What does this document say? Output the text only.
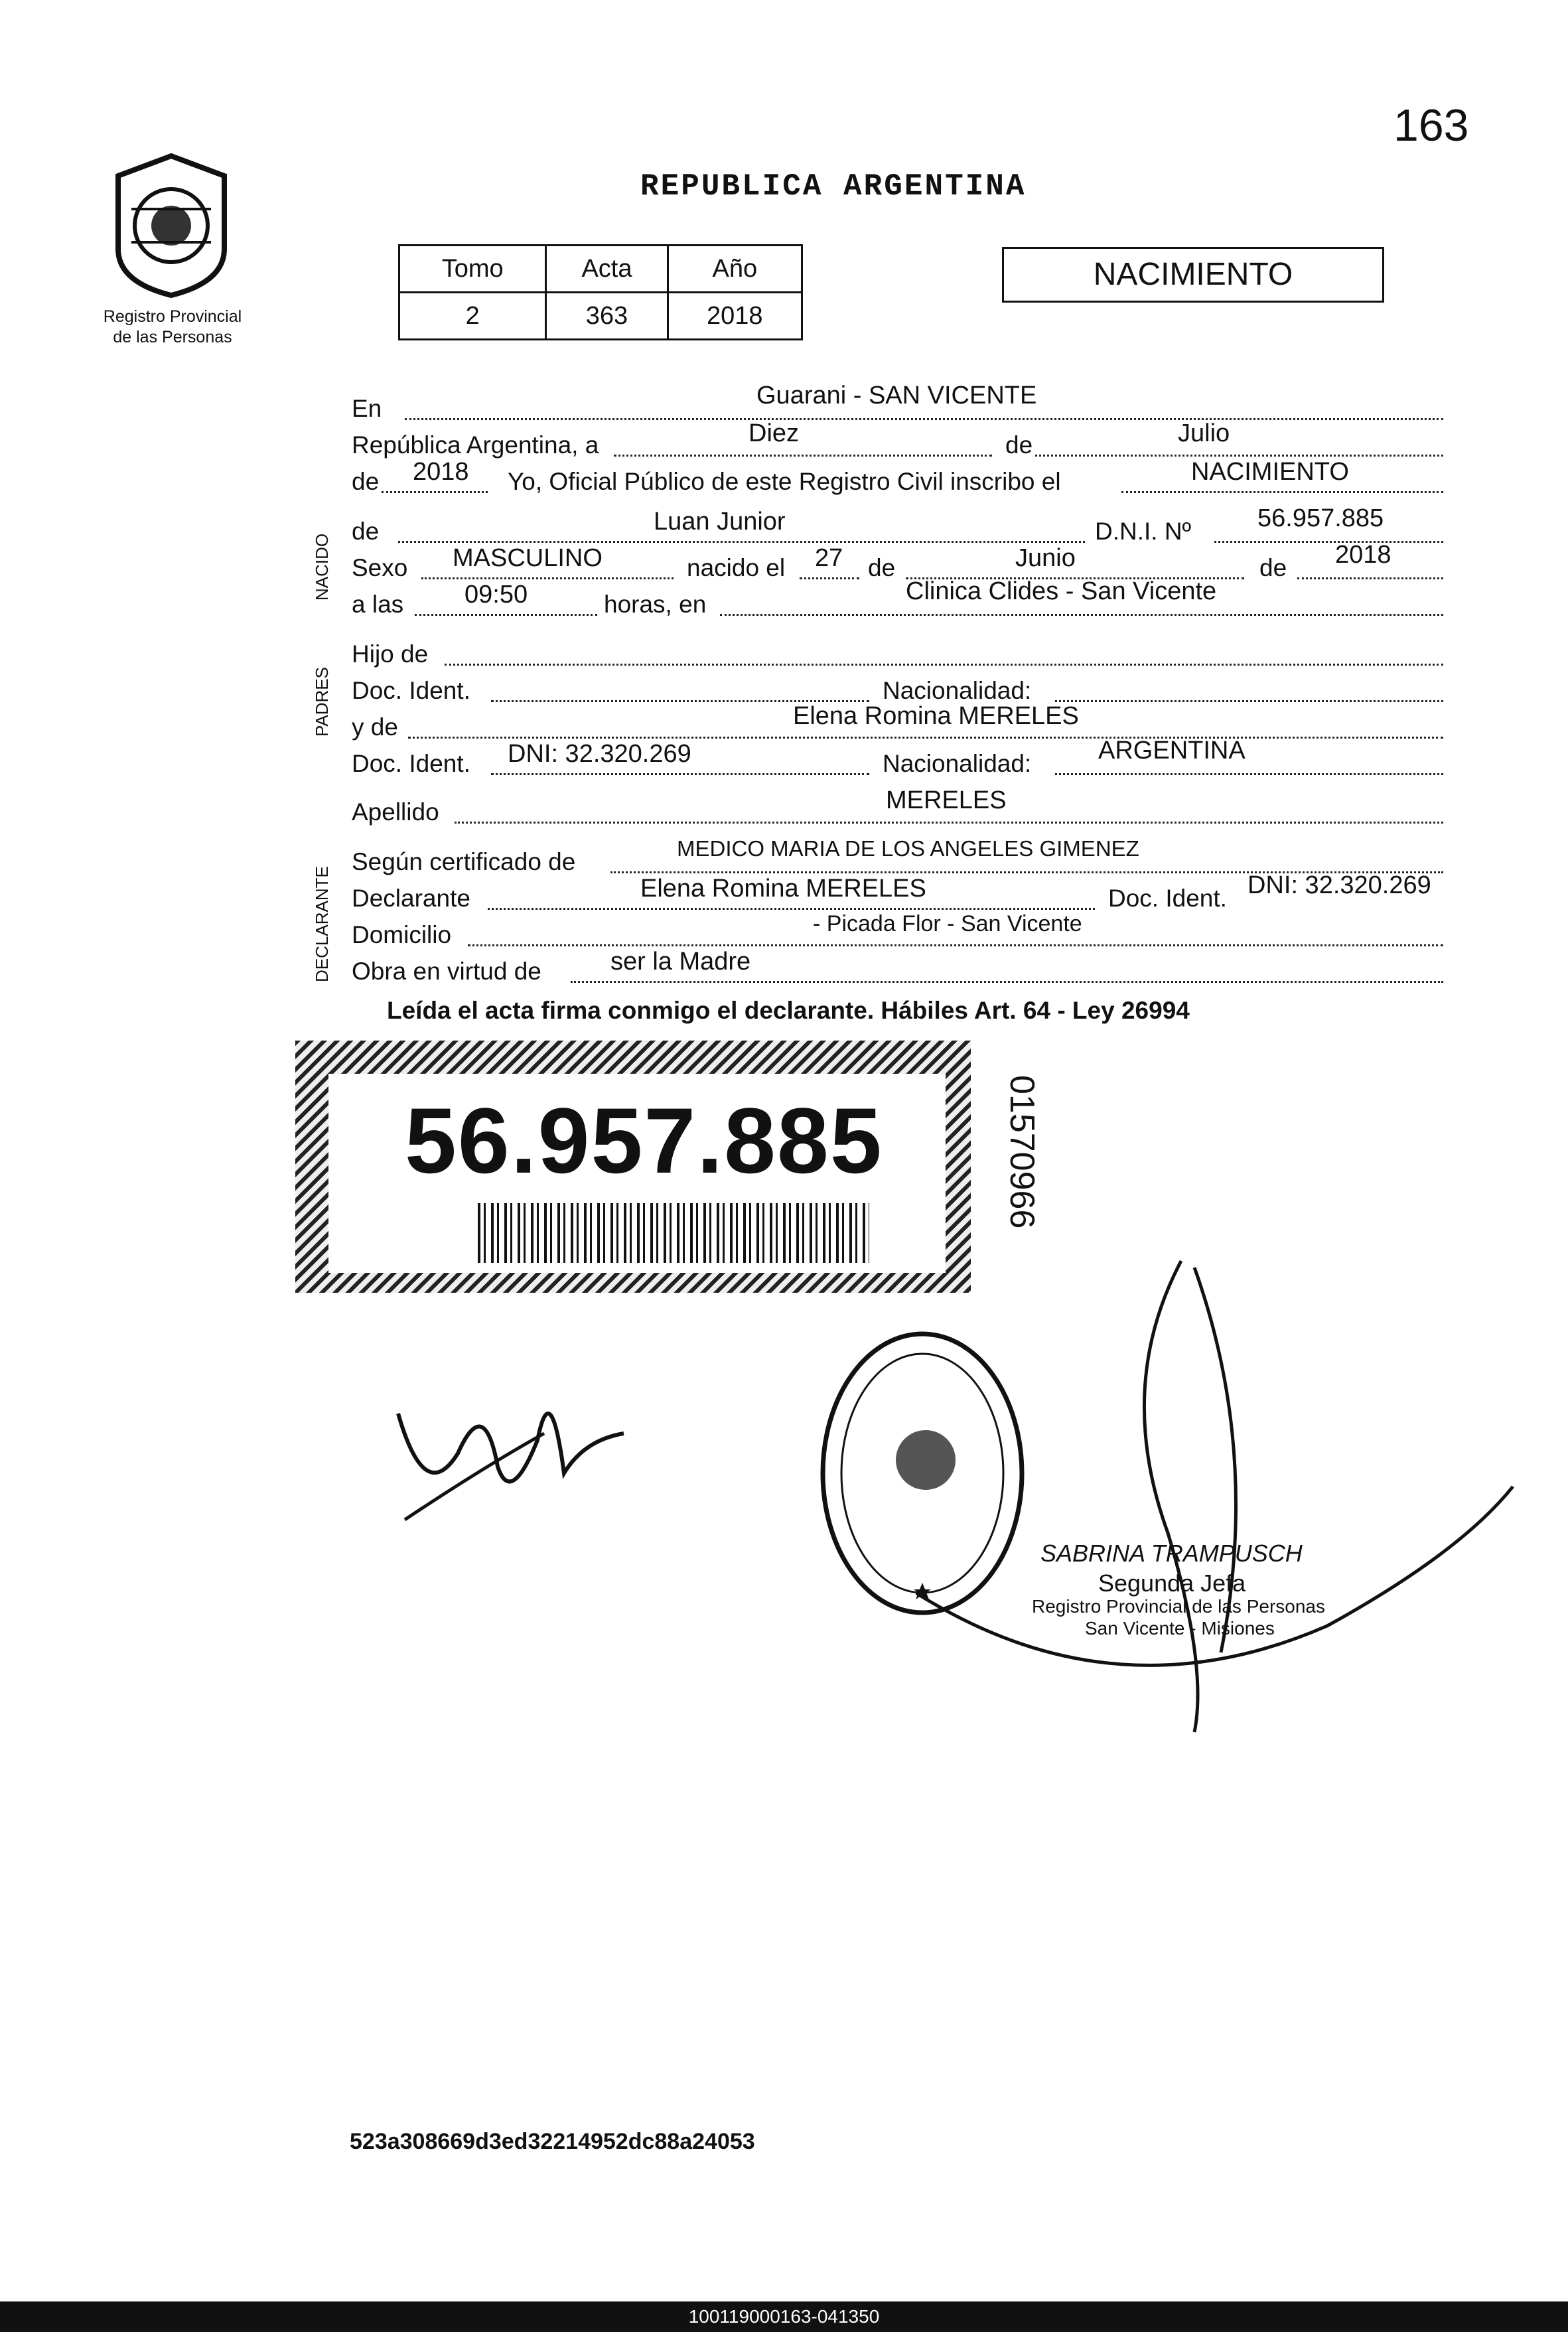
163
Registro Provincial
de las Personas
REPUBLICA ARGENTINA
Tomo	Acta	Año
2	363	2018
NACIMIENTO
NACIDO
PADRES
DECLARANTE
En	Guarani - SAN VICENTE
República Argentina, a	Diez	de	Julio
de 2018 Yo, Oficial Público de este Registro Civil inscribo el	NACIMIENTO
de	Luan Junior	D.N.I. Nº	56.957.885
Sexo MASCULINO	nacido el 27 de	Junio	de 2018
a las 09:50	horas, en	Clinica Clides - San Vicente
Hijo de
Doc. Ident.	Nacionalidad:
y de	Elena Romina MERELES
Doc. Ident. DNI: 32.320.269	Nacionalidad:	ARGENTINA
Apellido	MERELES
Según certificado de	MEDICO MARIA DE LOS ANGELES GIMENEZ
Declarante	Elena Romina MERELES	Doc. Ident. DNI: 32.320.269
Domicilio	- Picada Flor - San Vicente
Obra en virtud de	ser la Madre
Leída el acta firma conmigo el declarante. Hábiles Art. 64 - Ley 26994
56.957.885	01570966
SABRINA TRAMPUSCH
Segunda Jefa
Registro Provincial de las Personas
San Vicente - Misiones
523a308669d3ed32214952dc88a24053
100119000163-041350
